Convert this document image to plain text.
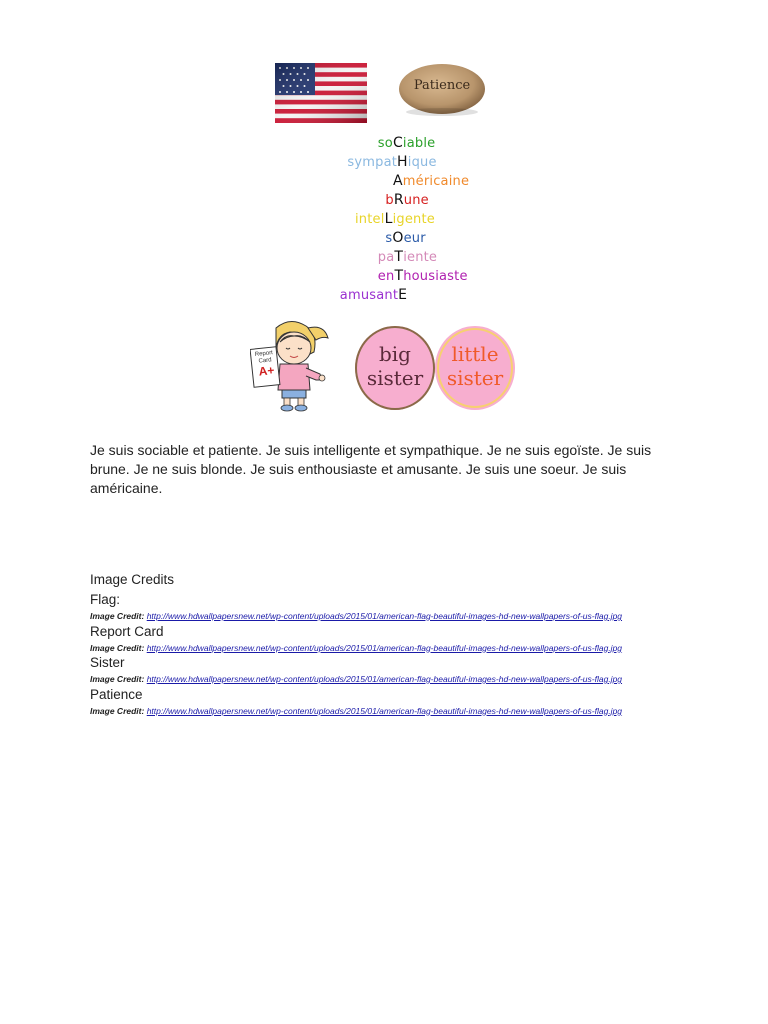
Patience
soCiable
sympatHique
Américaine
bRune
intelLigente
sOeur
paTiente
enThousiaste
amusantE
Report
Card
A+
big
sister
little
sister
Je suis sociable et patiente. Je suis intelligente et sympathique. Je ne suis egoïste. Je suis brune. Je ne suis blonde. Je suis enthousiaste et amusante. Je suis une soeur. Je suis américaine.
Image Credits
Flag:
Image Credit: http://www.hdwallpapersnew.net/wp-content/uploads/2015/01/american-flag-beautiful-images-hd-new-wallpapers-of-us-flag.jpg
Report Card
Image Credit: http://www.hdwallpapersnew.net/wp-content/uploads/2015/01/american-flag-beautiful-images-hd-new-wallpapers-of-us-flag.jpg
Sister
Image Credit: http://www.hdwallpapersnew.net/wp-content/uploads/2015/01/american-flag-beautiful-images-hd-new-wallpapers-of-us-flag.jpg
Patience
Image Credit: http://www.hdwallpapersnew.net/wp-content/uploads/2015/01/american-flag-beautiful-images-hd-new-wallpapers-of-us-flag.jpg
